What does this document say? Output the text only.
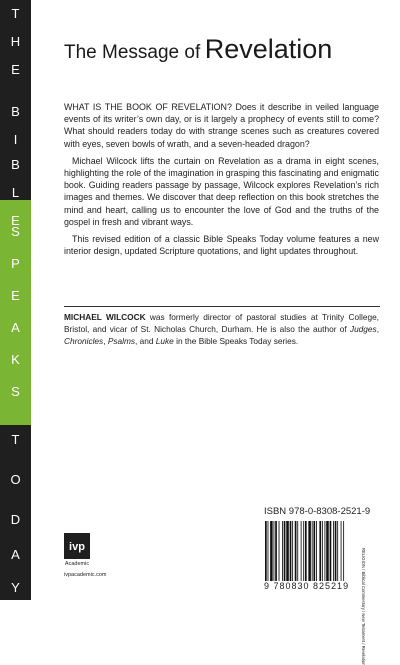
T
H
E
B
I
B
L
E
S
P
E
A
K
S
T
O
D
A
Y
The Message of Revelation

WHAT IS THE BOOK OF REVELATION? Does it describe in veiled language events of its writer’s own day, or is it largely a prophecy of events still to come? What should readers today do with strange scenes such as creatures covered with eyes, seven bowls of wrath, and a seven-headed dragon?

Michael Wilcock lifts the curtain on Revelation as a drama in eight scenes, highlighting the role of the imagination in grasping this fascinating and enigmatic book. Guiding readers passage by passage, Wilcock explores Revelation’s rich images and themes. We discover that deep reflection on this book stretches the mind and heart, calling us to encounter the love of God and the truths of the gospel in fresh and vibrant ways.

This revised edition of a classic Bible Speaks Today volume features a new interior design, updated Scripture quotations, and light updates throughout.

MICHAEL WILCOCK was formerly director of pastoral studies at Trinity College, Bristol, and vicar of St. Nicholas Church, Durham. He is also the author of Judges, Chronicles, Psalms, and Luke in the Bible Speaks Today series.
ivp
Academic
ivpacademic.com
ISBN 978-0-8308-2521-9
9 780830 825219	RELIGION / Biblical Commentary / New Testament / Revelation
